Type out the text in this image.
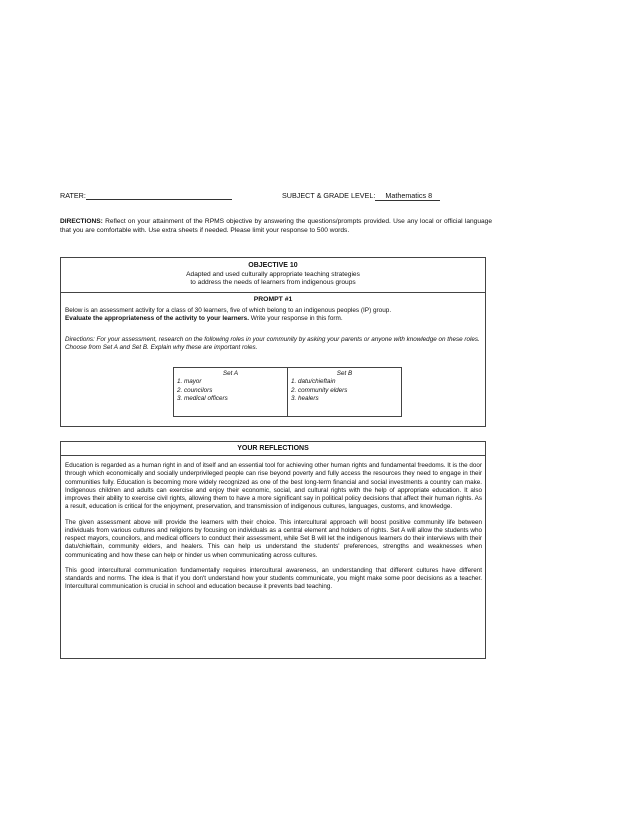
RATER:	SUBJECT & GRADE LEVEL: Mathematics 8
DIRECTIONS: Reflect on your attainment of the RPMS objective by answering the questions/prompts provided. Use any local or official language that you are comfortable with. Use extra sheets if needed. Please limit your response to 500 words.
OBJECTIVE 10
Adapted and used culturally appropriate teaching strategies
to address the needs of learners from indigenous groups
PROMPT #1
Below is an assessment activity for a class of 30 learners, five of which belong to an indigenous peoples (IP) group.
Evaluate the appropriateness of the activity to your learners. Write your response in this form.
Directions: For your assessment, research on the following roles in your community by asking your parents or anyone with knowledge on these roles. Choose from Set A and Set B. Explain why these are important roles.
Set A
1. mayor
2. councilors
3. medical officers
Set B
1. datu/chieftain
2. community elders
3. healers
YOUR REFLECTIONS

Education is regarded as a human right in and of itself and an essential tool for achieving other human rights and fundamental freedoms. It is the door through which economically and socially underprivileged people can rise beyond poverty and fully access the resources they need to engage in their communities fully. Education is becoming more widely recognized as one of the best long-term financial and social investments a country can make. Indigenous children and adults can exercise and enjoy their economic, social, and cultural rights with the help of appropriate education. It also improves their ability to exercise civil rights, allowing them to have a more significant say in political policy decisions that affect their human rights. As a result, education is critical for the enjoyment, preservation, and transmission of indigenous cultures, languages, customs, and knowledge.

The given assessment above will provide the learners with their choice. This intercultural approach will boost positive community life between individuals from various cultures and religions by focusing on individuals as a central element and holders of rights. Set A will allow the students who respect mayors, councilors, and medical officers to conduct their assessment, while Set B will let the indigenous learners do their interviews with their datu/chieftain, community elders, and healers. This can help us understand the students' preferences, strengths and weaknesses when communicating and how these can help or hinder us when communicating across cultures.

This good intercultural communication fundamentally requires intercultural awareness, an understanding that different cultures have different standards and norms. The idea is that if you don't understand how your students communicate, you might make some poor decisions as a teacher. Intercultural communication is crucial in school and education because it prevents bad teaching.
